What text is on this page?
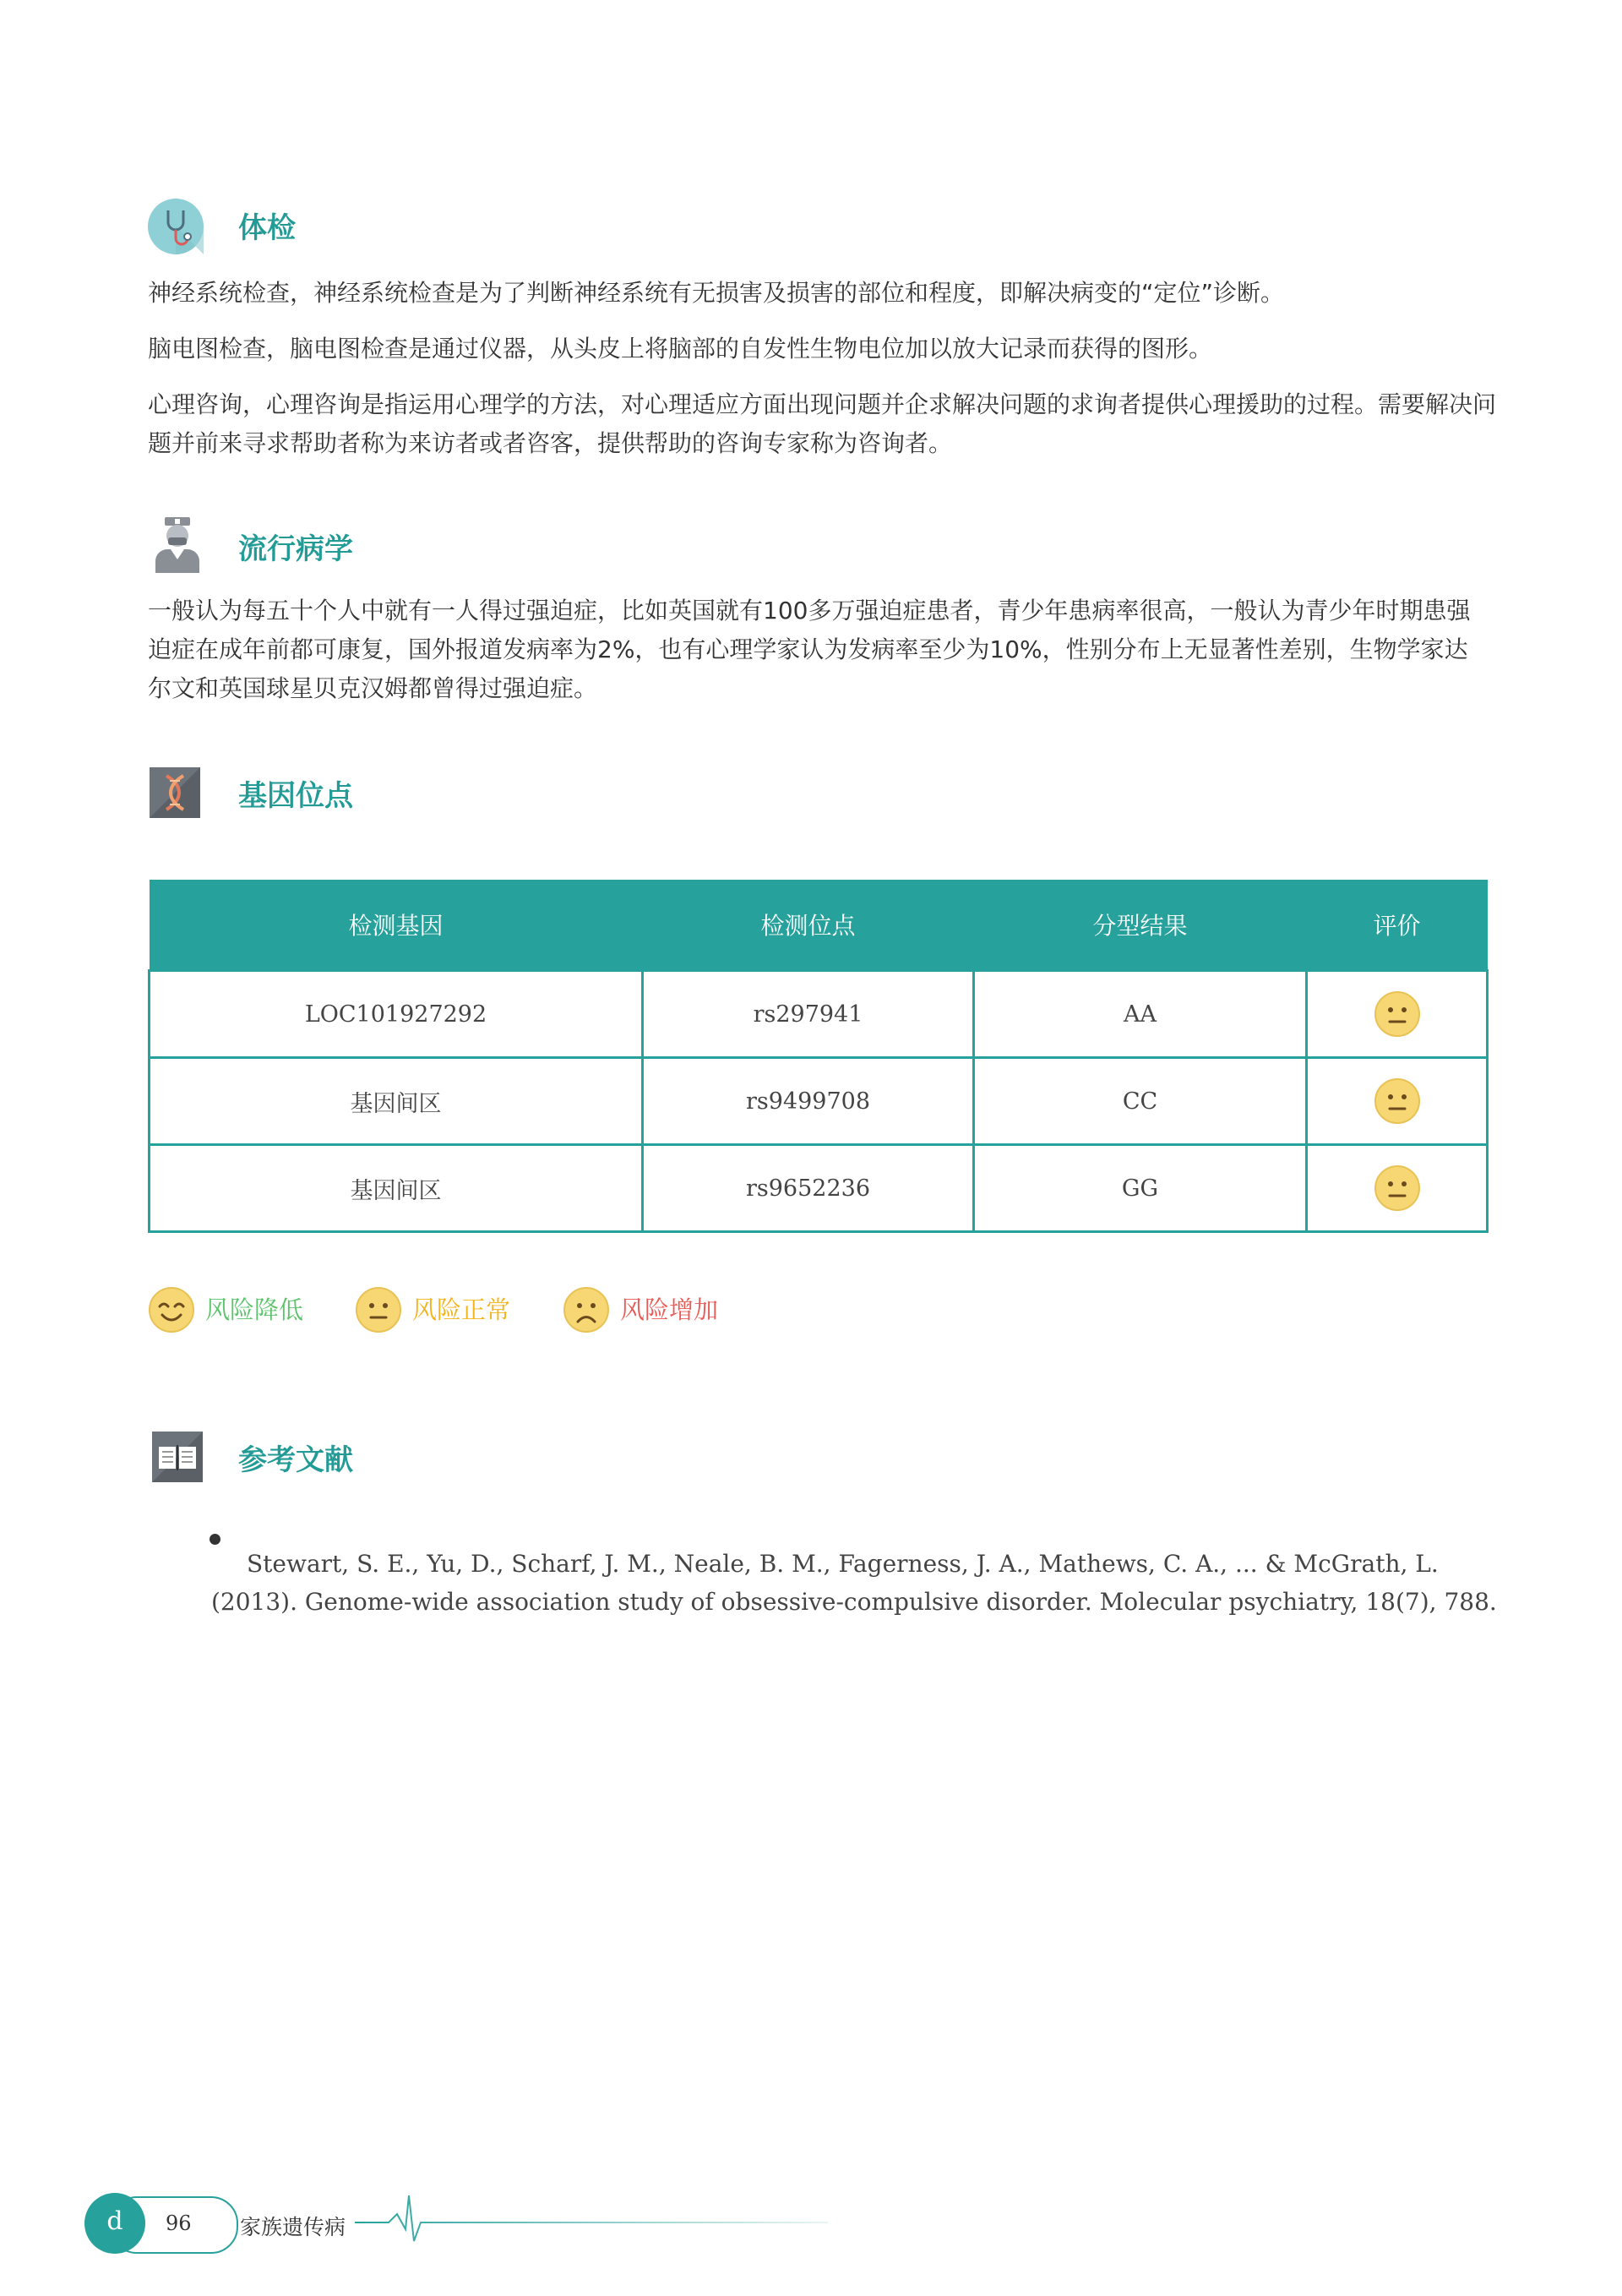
体检
神经系统检查，神经系统检查是为了判断神经系统有无损害及损害的部位和程度，即解决病变的“定位”诊断。
脑电图检查，脑电图检查是通过仪器，从头皮上将脑部的自发性生物电位加以放大记录而获得的图形。
心理咨询，心理咨询是指运用心理学的方法，对心理适应方面出现问题并企求解决问题的求询者提供心理援助的过程。需要解决问题并前来寻求帮助者称为来访者或者咨客，提供帮助的咨询专家称为咨询者。
流行病学
一般认为每五十个人中就有一人得过强迫症，比如英国就有100多万强迫症患者，青少年患病率很高，一般认为青少年时期患强迫症在成年前都可康复，国外报道发病率为2%，也有心理学家认为发病率至少为10%，性别分布上无显著性差别，生物学家达尔文和英国球星贝克汉姆都曾得过强迫症。
基因位点
检测基因	检测位点	分型结果	评价
LOC101927292	rs297941	AA	
基因间区	rs9499708	CC	
基因间区	rs9652236	GG	
风险降低	风险正常	风险增加
参考文献
Stewart, S. E., Yu, D., Scharf, J. M., Neale, B. M., Fagerness, J. A., Mathews, C. A., ... & McGrath, L. (2013). Genome-wide association study of obsessive-compulsive disorder. Molecular psychiatry, 18(7), 788.
d	96 家族遗传病
